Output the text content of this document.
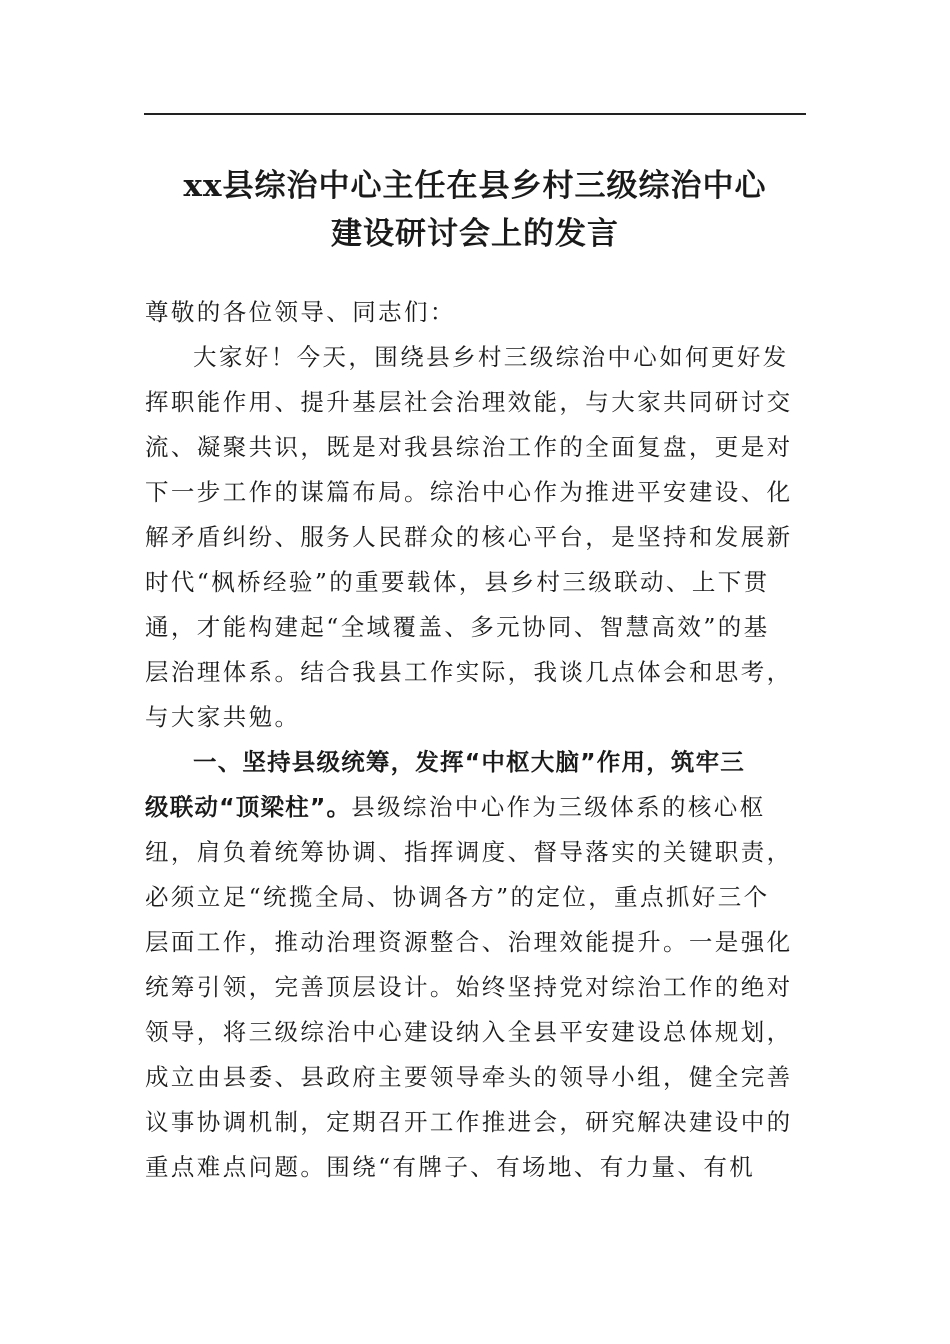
xx县综治中心主任在县乡村三级综治中心
建设研讨会上的发言
尊敬的各位领导、同志们：
大家好！今天，围绕县乡村三级综治中心如何更好发
挥职能作用、提升基层社会治理效能，与大家共同研讨交
流、凝聚共识，既是对我县综治工作的全面复盘，更是对
下一步工作的谋篇布局。综治中心作为推进平安建设、化
解矛盾纠纷、服务人民群众的核心平台，是坚持和发展新
时代“枫桥经验”的重要载体，县乡村三级联动、上下贯
通，才能构建起“全域覆盖、多元协同、智慧高效”的基
层治理体系。结合我县工作实际，我谈几点体会和思考，
与大家共勉。
一、坚持县级统筹，发挥“中枢大脑”作用，筑牢三
级联动“顶梁柱”。县级综治中心作为三级体系的核心枢
纽，肩负着统筹协调、指挥调度、督导落实的关键职责，
必须立足“统揽全局、协调各方”的定位，重点抓好三个
层面工作，推动治理资源整合、治理效能提升。一是强化
统筹引领，完善顶层设计。始终坚持党对综治工作的绝对
领导，将三级综治中心建设纳入全县平安建设总体规划，
成立由县委、县政府主要领导牵头的领导小组，健全完善
议事协调机制，定期召开工作推进会，研究解决建设中的
重点难点问题。围绕“有牌子、有场地、有力量、有机
